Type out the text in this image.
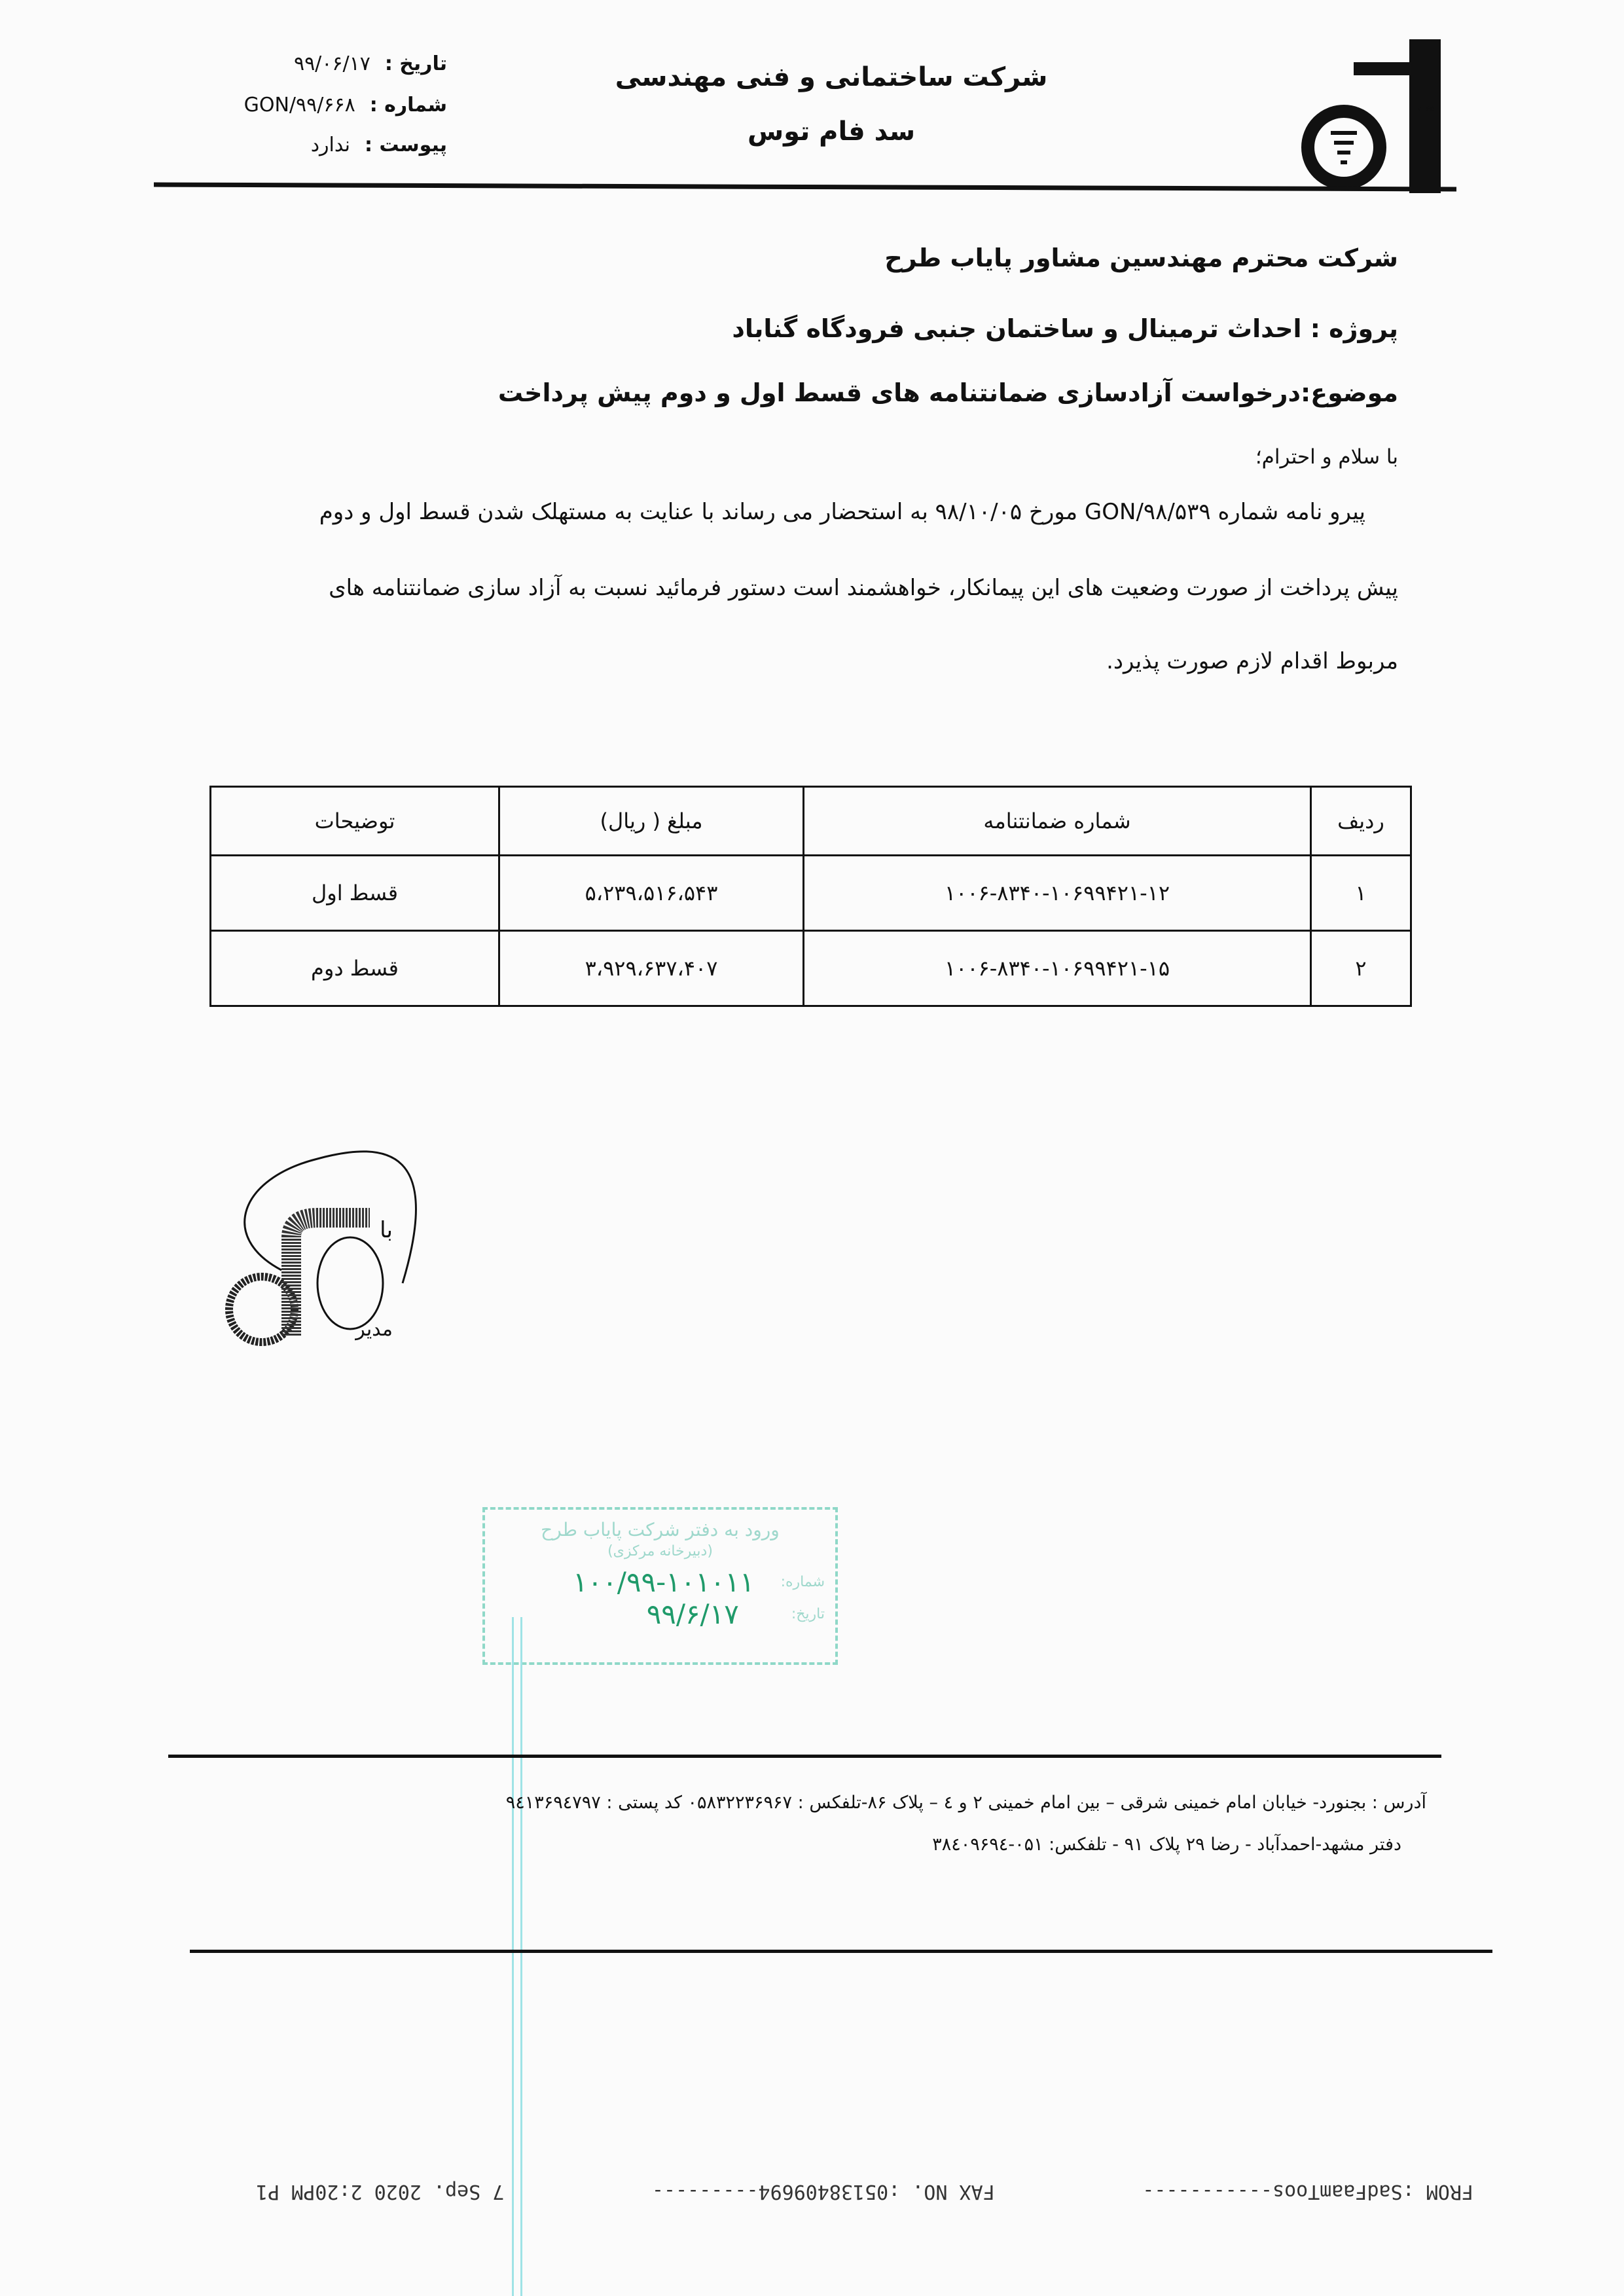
تاریخ :
۹۹/۰۶/۱۷
شماره :
GON/۹۹/۶۶۸
پیوست :
ندارد
شرکت ساختمانی و فنی مهندسی
سد فام توس
۲۰۶۵
شرکت محترم مهندسین مشاور پایاب طرح
پروژه : احداث ترمینال و ساختمان جنبی فرودگاه گناباد
موضوع:درخواست آزادسازی ضمانتنامه های قسط اول و دوم پیش پرداخت
با سلام و احترام؛
پیرو نامه شماره GON/۹۸/۵۳۹ مورخ ۹۸/۱۰/۰۵ به استحضار می رساند با عنایت به مستهلک شدن قسط اول و دوم
پیش پرداخت از صورت وضعیت های این پیمانکار، خواهشمند است دستور فرمائید نسبت به آزاد سازی ضمانتنامه های
مربوط اقدام لازم صورت پذیرد.
ردیف	شماره ضمانتنامه	مبلغ ( ریال)	توضیحات
۱	۱۰۰۶-۸۳۴۰-۱۰۶۹۹۴۲۱-۱۲	۵،۲۳۹،۵۱۶،۵۴۳	قسط اول
۲	۱۰۰۶-۸۳۴۰-۱۰۶۹۹۴۲۱-۱۵	۳،۹۲۹،۶۳۷،۴۰۷	قسط دوم
با
مدیر
ورود به دفتر شرکت پایاب طرح
(دبیرخانه مرکزی)
شماره:
۱۰۰/۹۹-۱۰۱۰۱۱
تاریخ:
۹۹/۶/۱۷
آدرس : بجنورد- خیابان امام خمینی شرقی – بین امام خمینی ۲ و ٤ – پلاک ۸۶-تلفکس : ۰۵۸۳۲۲۳۶۹۶۷ کد پستی : ۹٤۱۳۶۹٤۷۹۷
دفتر مشهد-احمدآباد - رضا ۲۹ پلاک ۹۱ - تلفکس: ۰۵۱-۳۸٤۰۹۶۹٤
FROM :SadFaamToos-----------
FAX NO. :05138409694---------
7 Sep. 2020 2:20PM P1
